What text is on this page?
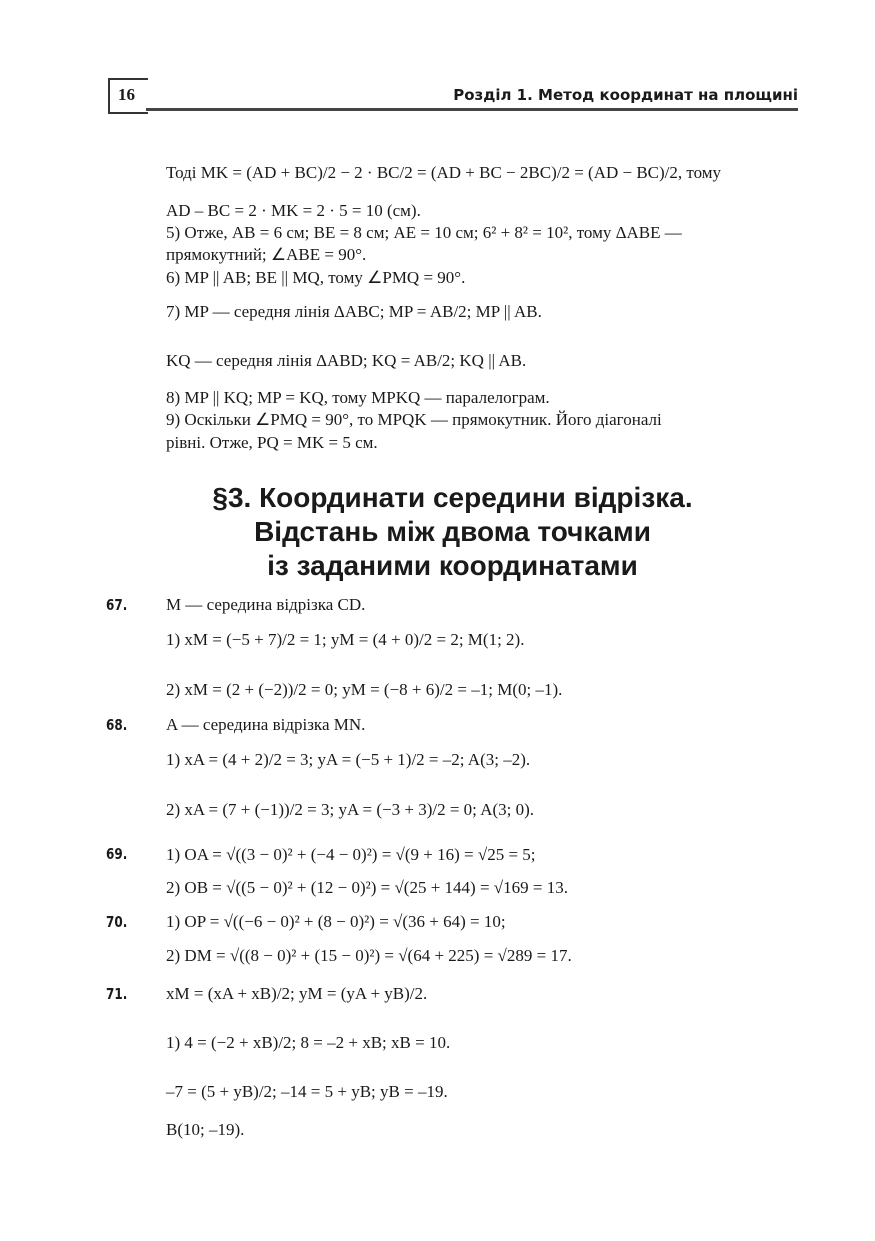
16	Розділ 1. Метод координат на площині
Тоді MK = (AD + BC)/2 − 2 · BC/2 = (AD + BC − 2BC)/2 = (AD − BC)/2, тому
AD – BC = 2 · MK = 2 · 5 = 10 (см).
5) Отже, AB = 6 см; BE = 8 см; AE = 10 см; 6² + 8² = 10², тому ΔABE —
прямокутний; ∠ABE = 90°.
6) MP || AB; BE || MQ, тому ∠PMQ = 90°.
7) MP — середня лінія ΔABC; MP = AB/2; MP || AB.
KQ — середня лінія ΔABD; KQ = AB/2; KQ || AB.
8) MP || KQ; MP = KQ, тому MPKQ — паралелограм.
9) Оскільки ∠PMQ = 90°, то MPQK — прямокутник. Його діагоналі
рівні. Отже, PQ = MK = 5 см.
§3. Координати середини відрізка.
Відстань між двома точками
із заданими координатами
67. M — середина відрізка CD.
1) xM = (−5 + 7)/2 = 1; yM = (4 + 0)/2 = 2; M(1; 2).
2) xM = (2 + (−2))/2 = 0; yM = (−8 + 6)/2 = –1; M(0; –1).
68. A — середина відрізка MN.
1) xA = (4 + 2)/2 = 3; yA = (−5 + 1)/2 = –2; A(3; –2).
2) xA = (7 + (−1))/2 = 3; yA = (−3 + 3)/2 = 0; A(3; 0).
69. 1) OA = √((3 − 0)² + (−4 − 0)²) = √(9 + 16) = √25 = 5;
2) OB = √((5 − 0)² + (12 − 0)²) = √(25 + 144) = √169 = 13.
70. 1) OP = √((−6 − 0)² + (8 − 0)²) = √(36 + 64) = 10;
2) DM = √((8 − 0)² + (15 − 0)²) = √(64 + 225) = √289 = 17.
71. xM = (xA + xB)/2; yM = (yA + yB)/2.
1) 4 = (−2 + xB)/2; 8 = –2 + xB; xB = 10.
–7 = (5 + yB)/2; –14 = 5 + yB; yB = –19.
B(10; –19).
